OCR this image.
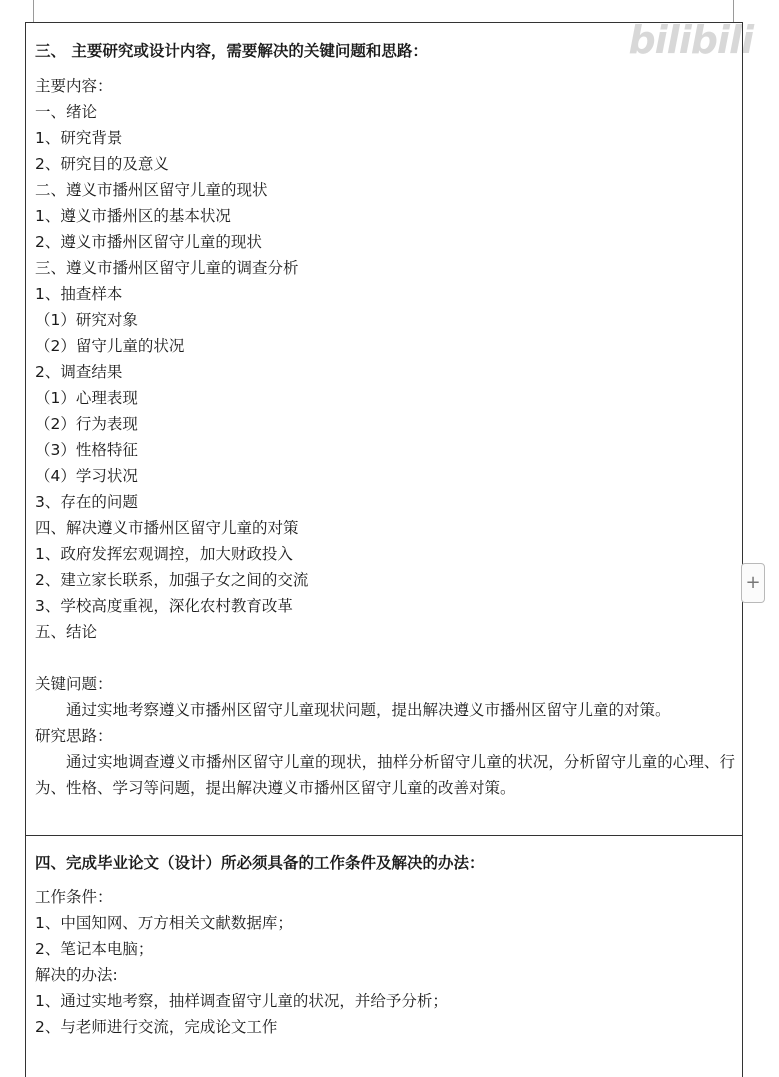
bilibili
三、 主要研究或设计内容，需要解决的关键问题和思路：
主要内容：
一、绪论
1、研究背景
2、研究目的及意义
二、遵义市播州区留守儿童的现状
1、遵义市播州区的基本状况
2、遵义市播州区留守儿童的现状
三、遵义市播州区留守儿童的调查分析
1、抽查样本
（1）研究对象
（2）留守儿童的状况
2、调查结果
（1）心理表现
（2）行为表现
（3）性格特征
（4）学习状况
3、存在的问题
四、解决遵义市播州区留守儿童的对策
1、政府发挥宏观调控，加大财政投入
2、建立家长联系，加强子女之间的交流
3、学校高度重视，深化农村教育改革
五、结论
关键问题：
通过实地考察遵义市播州区留守儿童现状问题，提出解决遵义市播州区留守儿童的对策。
研究思路：
通过实地调查遵义市播州区留守儿童的现状，抽样分析留守儿童的状况，分析留守儿童的心理、行为、性格、学习等问题，提出解决遵义市播州区留守儿童的改善对策。
四、完成毕业论文（设计）所必须具备的工作条件及解决的办法：
工作条件：
1、中国知网、万方相关文献数据库；
2、笔记本电脑；
解决的办法:
1、通过实地考察，抽样调查留守儿童的状况，并给予分析；
2、与老师进行交流，完成论文工作
+
